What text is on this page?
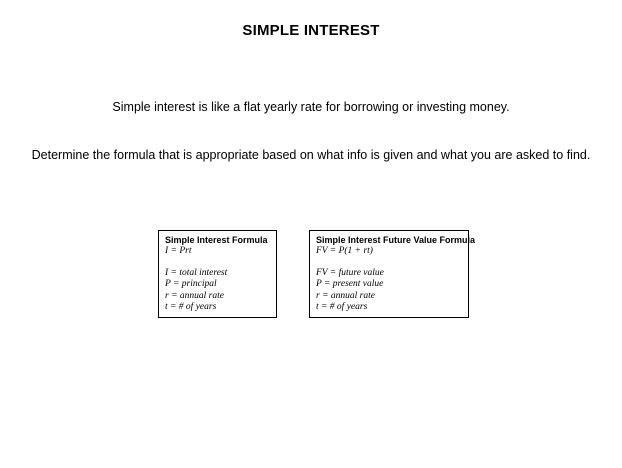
SIMPLE INTEREST
Simple interest is like a flat yearly rate for borrowing or investing money.
Determine the formula that is appropriate based on what info is given and what you are asked to find.
Simple Interest Formula
I = Prt
I = total interest
P = principal
r = annual rate
t = # of years
Simple Interest Future Value Formula
FV = P(1 + rt)
FV = future value
P = present value
r = annual rate
t = # of years
